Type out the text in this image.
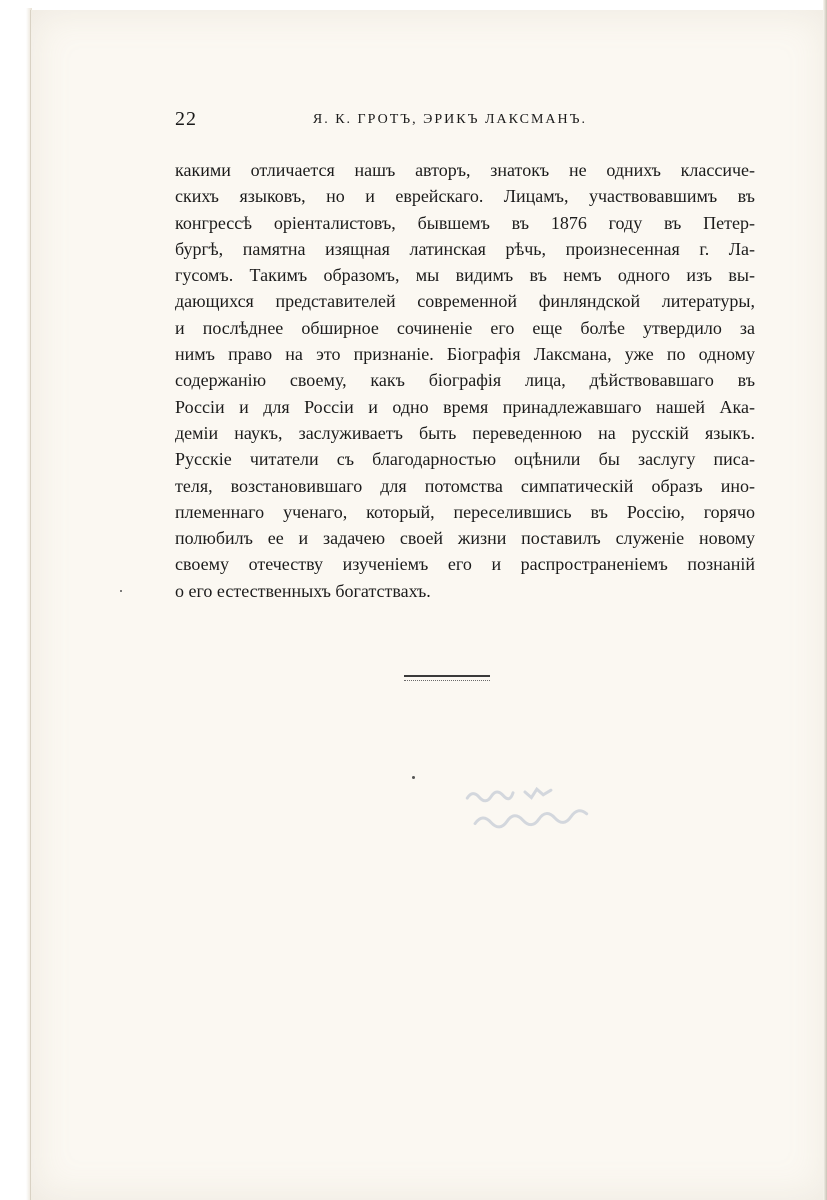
22	Я. К. ГРОТЪ, ЭРИКЪ ЛАКСМАНЪ.
какими отличается нашъ авторъ, знатокъ не однихъ классиче-
скихъ языковъ, но и еврейскаго. Лицамъ, участвовавшимъ въ
конгрессѣ оріенталистовъ, бывшемъ въ 1876 году въ Петер-
бургѣ, памятна изящная латинская рѣчь, произнесенная г. Ла-
гусомъ. Такимъ образомъ, мы видимъ въ немъ одного изъ вы-
дающихся представителей современной финляндской литературы,
и послѣднее обширное сочиненіе его еще болѣе утвердило за
нимъ право на это признаніе. Біографія Лаксмана, уже по одному
содержанію своему, какъ біографія лица, дѣйствовавшаго въ
Россіи и для Россіи и одно время принадлежавшаго нашей Ака-
деміи наукъ, заслуживаетъ быть переведенною на русскій языкъ.
Русскіе читатели съ благодарностью оцѣнили бы заслугу писа-
теля, возстановившаго для потомства симпатическій образъ ино-
племеннаго ученаго, который, переселившись въ Россію, горячо
полюбилъ ее и задачею своей жизни поставилъ служеніе новому
своему отечеству изученіемъ его и распространеніемъ познаній
о его естественныхъ богатствахъ.
